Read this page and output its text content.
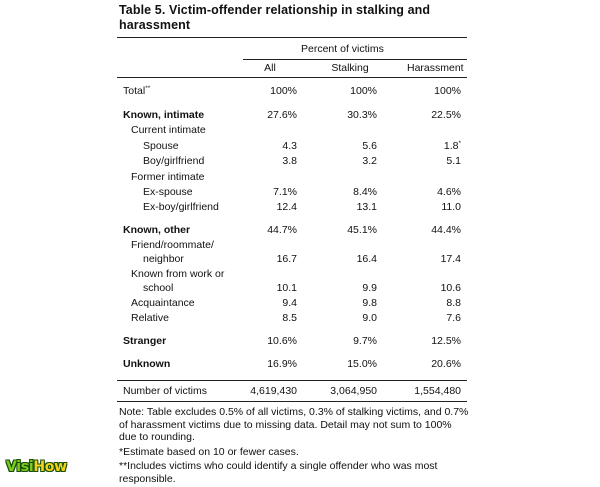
Table 5. Victim-offender relationship in stalking and harassment
Percent of victims
All	Stalking	Harassment
Total**	100%	100%	100%
Known, intimate	27.6%	30.3%	22.5%
Current intimate
Spouse	4.3	5.6	1.8*
Boy/girlfriend	3.8	3.2	5.1
Former intimate
Ex-spouse	7.1%	8.4%	4.6%
Ex-boy/girlfriend	12.4	13.1	11.0
Known, other	44.7%	45.1%	44.4%
Friend/roommate/
neighbor	16.7	16.4	17.4
Known from work or
school	10.1	9.9	10.6
Acquaintance	9.4	9.8	8.8
Relative	8.5	9.0	7.6
Stranger	10.6%	9.7%	12.5%
Unknown	16.9%	15.0%	20.6%
Number of victims	4,619,430	3,064,950	1,554,480

Note: Table excludes 0.5% of all victims, 0.3% of stalking victims, and 0.7% of harassment victims due to missing data. Detail may not sum to 100% due to rounding.

*Estimate based on 10 or fewer cases.

**Includes victims who could identify a single offender who was most responsible.

VisiHow
